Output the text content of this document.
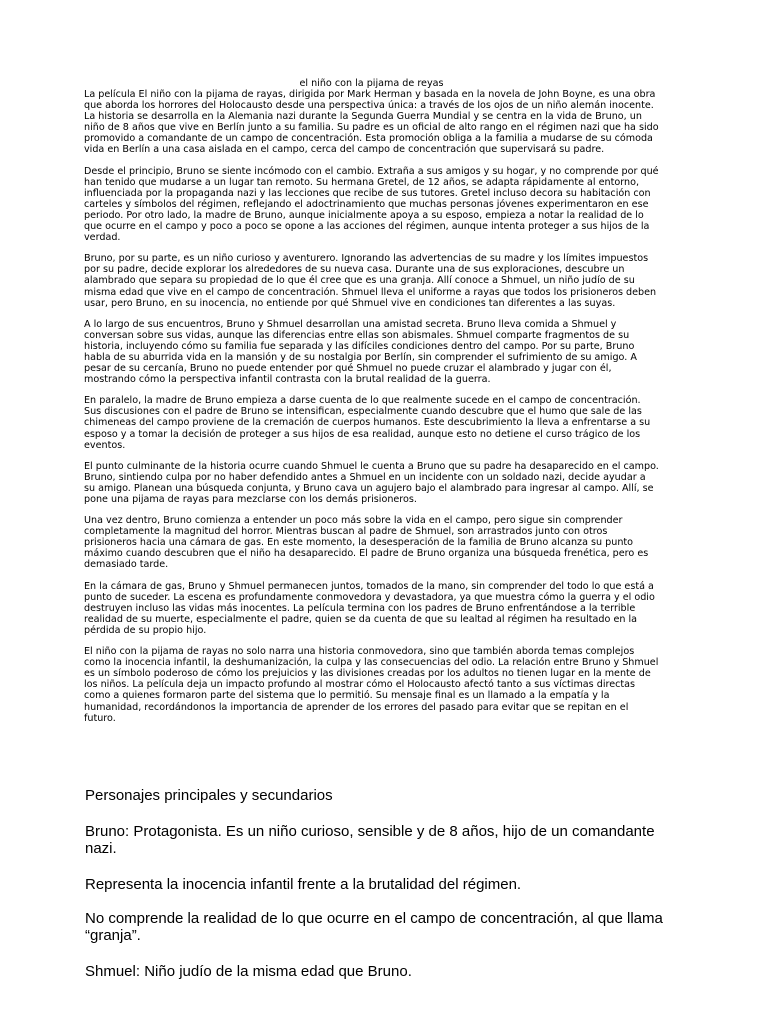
el niño con la pijama de reyas

La película El niño con la pijama de rayas, dirigida por Mark Herman y basada en la novela de John Boyne, es una obra que aborda los horrores del Holocausto desde una perspectiva única: a través de los ojos de un niño alemán inocente. La historia se desarrolla en la Alemania nazi durante la Segunda Guerra Mundial y se centra en la vida de Bruno, un niño de 8 años que vive en Berlín junto a su familia. Su padre es un oficial de alto rango en el régimen nazi que ha sido promovido a comandante de un campo de concentración. Esta promoción obliga a la familia a mudarse de su cómoda vida en Berlín a una casa aislada en el campo, cerca del campo de concentración que supervisará su padre.

Desde el principio, Bruno se siente incómodo con el cambio. Extraña a sus amigos y su hogar, y no comprende por qué han tenido que mudarse a un lugar tan remoto. Su hermana Gretel, de 12 años, se adapta rápidamente al entorno, influenciada por la propaganda nazi y las lecciones que recibe de sus tutores. Gretel incluso decora su habitación con carteles y símbolos del régimen, reflejando el adoctrinamiento que muchas personas jóvenes experimentaron en ese periodo. Por otro lado, la madre de Bruno, aunque inicialmente apoya a su esposo, empieza a notar la realidad de lo que ocurre en el campo y poco a poco se opone a las acciones del régimen, aunque intenta proteger a sus hijos de la verdad.

Bruno, por su parte, es un niño curioso y aventurero. Ignorando las advertencias de su madre y los límites impuestos por su padre, decide explorar los alrededores de su nueva casa. Durante una de sus exploraciones, descubre un alambrado que separa su propiedad de lo que él cree que es una granja. Allí conoce a Shmuel, un niño judío de su misma edad que vive en el campo de concentración. Shmuel lleva el uniforme a rayas que todos los prisioneros deben usar, pero Bruno, en su inocencia, no entiende por qué Shmuel vive en condiciones tan diferentes a las suyas.

A lo largo de sus encuentros, Bruno y Shmuel desarrollan una amistad secreta. Bruno lleva comida a Shmuel y conversan sobre sus vidas, aunque las diferencias entre ellas son abismales. Shmuel comparte fragmentos de su historia, incluyendo cómo su familia fue separada y las difíciles condiciones dentro del campo. Por su parte, Bruno habla de su aburrida vida en la mansión y de su nostalgia por Berlín, sin comprender el sufrimiento de su amigo. A pesar de su cercanía, Bruno no puede entender por qué Shmuel no puede cruzar el alambrado y jugar con él, mostrando cómo la perspectiva infantil contrasta con la brutal realidad de la guerra.

En paralelo, la madre de Bruno empieza a darse cuenta de lo que realmente sucede en el campo de concentración. Sus discusiones con el padre de Bruno se intensifican, especialmente cuando descubre que el humo que sale de las chimeneas del campo proviene de la cremación de cuerpos humanos. Este descubrimiento la lleva a enfrentarse a su esposo y a tomar la decisión de proteger a sus hijos de esa realidad, aunque esto no detiene el curso trágico de los eventos.

El punto culminante de la historia ocurre cuando Shmuel le cuenta a Bruno que su padre ha desaparecido en el campo. Bruno, sintiendo culpa por no haber defendido antes a Shmuel en un incidente con un soldado nazi, decide ayudar a su amigo. Planean una búsqueda conjunta, y Bruno cava un agujero bajo el alambrado para ingresar al campo. Allí, se pone una pijama de rayas para mezclarse con los demás prisioneros.

Una vez dentro, Bruno comienza a entender un poco más sobre la vida en el campo, pero sigue sin comprender completamente la magnitud del horror. Mientras buscan al padre de Shmuel, son arrastrados junto con otros prisioneros hacia una cámara de gas. En este momento, la desesperación de la familia de Bruno alcanza su punto máximo cuando descubren que el niño ha desaparecido. El padre de Bruno organiza una búsqueda frenética, pero es demasiado tarde.

En la cámara de gas, Bruno y Shmuel permanecen juntos, tomados de la mano, sin comprender del todo lo que está a punto de suceder. La escena es profundamente conmovedora y devastadora, ya que muestra cómo la guerra y el odio destruyen incluso las vidas más inocentes. La película termina con los padres de Bruno enfrentándose a la terrible realidad de su muerte, especialmente el padre, quien se da cuenta de que su lealtad al régimen ha resultado en la pérdida de su propio hijo.

El niño con la pijama de rayas no solo narra una historia conmovedora, sino que también aborda temas complejos como la inocencia infantil, la deshumanización, la culpa y las consecuencias del odio. La relación entre Bruno y Shmuel es un símbolo poderoso de cómo los prejuicios y las divisiones creadas por los adultos no tienen lugar en la mente de los niños. La película deja un impacto profundo al mostrar cómo el Holocausto afectó tanto a sus víctimas directas como a quienes formaron parte del sistema que lo permitió. Su mensaje final es un llamado a la empatía y la humanidad, recordándonos la importancia de aprender de los errores del pasado para evitar que se repitan en el futuro.

Personajes principales y secundarios

Bruno: Protagonista. Es un niño curioso, sensible y de 8 años, hijo de un comandante nazi.

Representa la inocencia infantil frente a la brutalidad del régimen.

No comprende la realidad de lo que ocurre en el campo de concentración, al que llama “granja”.

Shmuel: Niño judío de la misma edad que Bruno.
